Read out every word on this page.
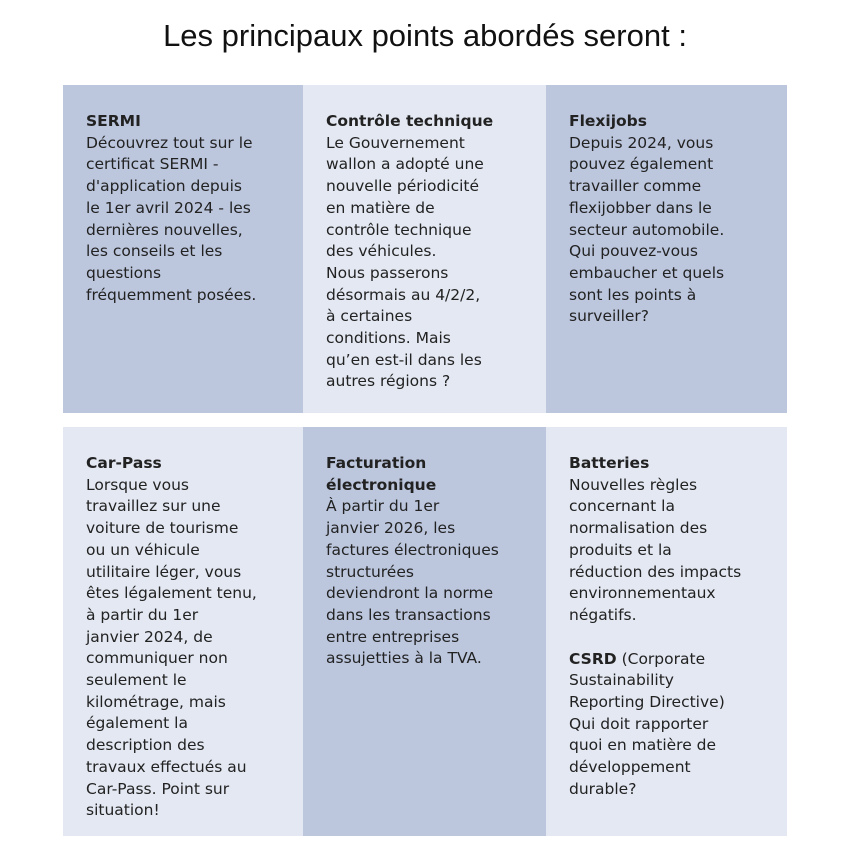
Les principaux points abordés seront :
SERMI
Découvrez tout sur le
certificat SERMI -
d'application depuis
le 1er avril 2024 - les
dernières nouvelles,
les conseils et les
questions
fréquemment posées.
Contrôle technique
Le Gouvernement
wallon a adopté une
nouvelle périodicité
en matière de
contrôle technique
des véhicules.
Nous passerons
désormais au 4/2/2,
à certaines
conditions. Mais
qu’en est-il dans les
autres régions ?
Flexijobs
Depuis 2024, vous
pouvez également
travailler comme
flexijobber dans le
secteur automobile.
Qui pouvez-vous
embaucher et quels
sont les points à
surveiller?
Car-Pass
Lorsque vous
travaillez sur une
voiture de tourisme
ou un véhicule
utilitaire léger, vous
êtes légalement tenu,
à partir du 1er
janvier 2024, de
communiquer non
seulement le
kilométrage, mais
également la
description des
travaux effectués au
Car-Pass. Point sur
situation!
Facturation
électronique
À partir du 1er
janvier 2026, les
factures électroniques
structurées
deviendront la norme
dans les transactions
entre entreprises
assujetties à la TVA.
Batteries
Nouvelles règles
concernant la
normalisation des
produits et la
réduction des impacts
environnementaux
négatifs.
CSRD (Corporate
Sustainability
Reporting Directive)
Qui doit rapporter
quoi en matière de
développement
durable?
